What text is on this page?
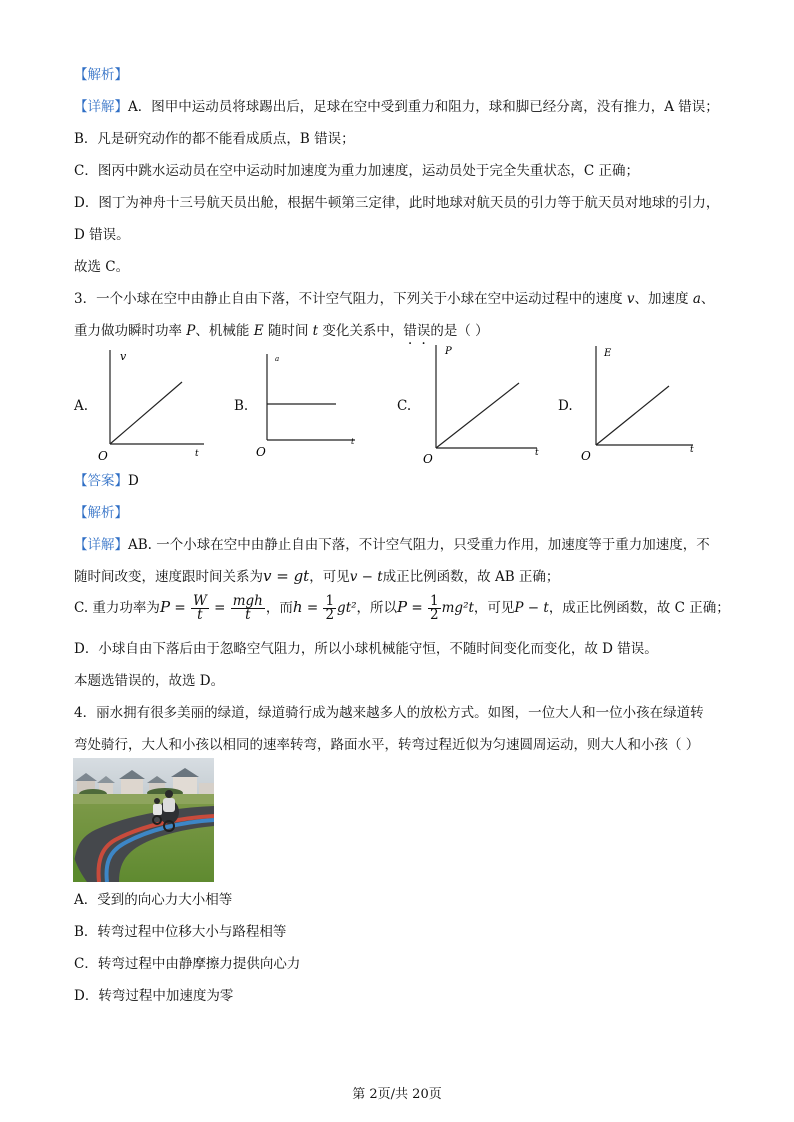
【解析】
【详解】A．图甲中运动员将球踢出后，足球在空中受到重力和阻力，球和脚已经分离，没有推力，A 错误；
B．凡是研究动作的都不能看成质点，B 错误；
C．图丙中跳水运动员在空中运动时加速度为重力加速度，运动员处于完全失重状态，C 正确；
D．图丁为神舟十三号航天员出舱，根据牛顿第三定律，此时地球对航天员的引力等于航天员对地球的引力，
D 错误。
故选 C。
3．一个小球在空中由静止自由下落，不计空气阻力，下列关于小球在空中运动过程中的速度 v、加速度 a、
重力做功瞬时功率 P、机械能 E 随时间 t 变化关系中，错误的是（ ）
A.
v
t
O
B.
a
t
O
C.
P
t
O
D.
E
t
O
【答案】D
【解析】
【详解】AB. 一个小球在空中由静止自由下落，不计空气阻力，只受重力作用，加速度等于重力加速度，不
随时间改变，速度跟时间关系为v = gt，可见v − t成正比例函数，故 AB 正确；
C. 重力功率为$P = \frac{W}{t} = \frac{\text{mgh}}{t}$ ，而$h = \frac{1}{2} gt^2$，所以$P = \frac{1}{2} mg^2t$，可见P − t，成正比例函数，故 C 正确；
D．小球自由下落后由于忽略空气阻力，所以小球机械能守恒，不随时间变化而变化，故 D 错误。
本题选错误的，故选 D。
4．丽水拥有很多美丽的绿道，绿道骑行成为越来越多人的放松方式。如图，一位大人和一位小孩在绿道转
弯处骑行，大人和小孩以相同的速率转弯，路面水平，转弯过程近似为匀速圆周运动，则大人和小孩（ ）
A．受到的向心力大小相等
B．转弯过程中位移大小与路程相等
C．转弯过程中由静摩擦力提供向心力
D．转弯过程中加速度为零
第 2页/共 20页
